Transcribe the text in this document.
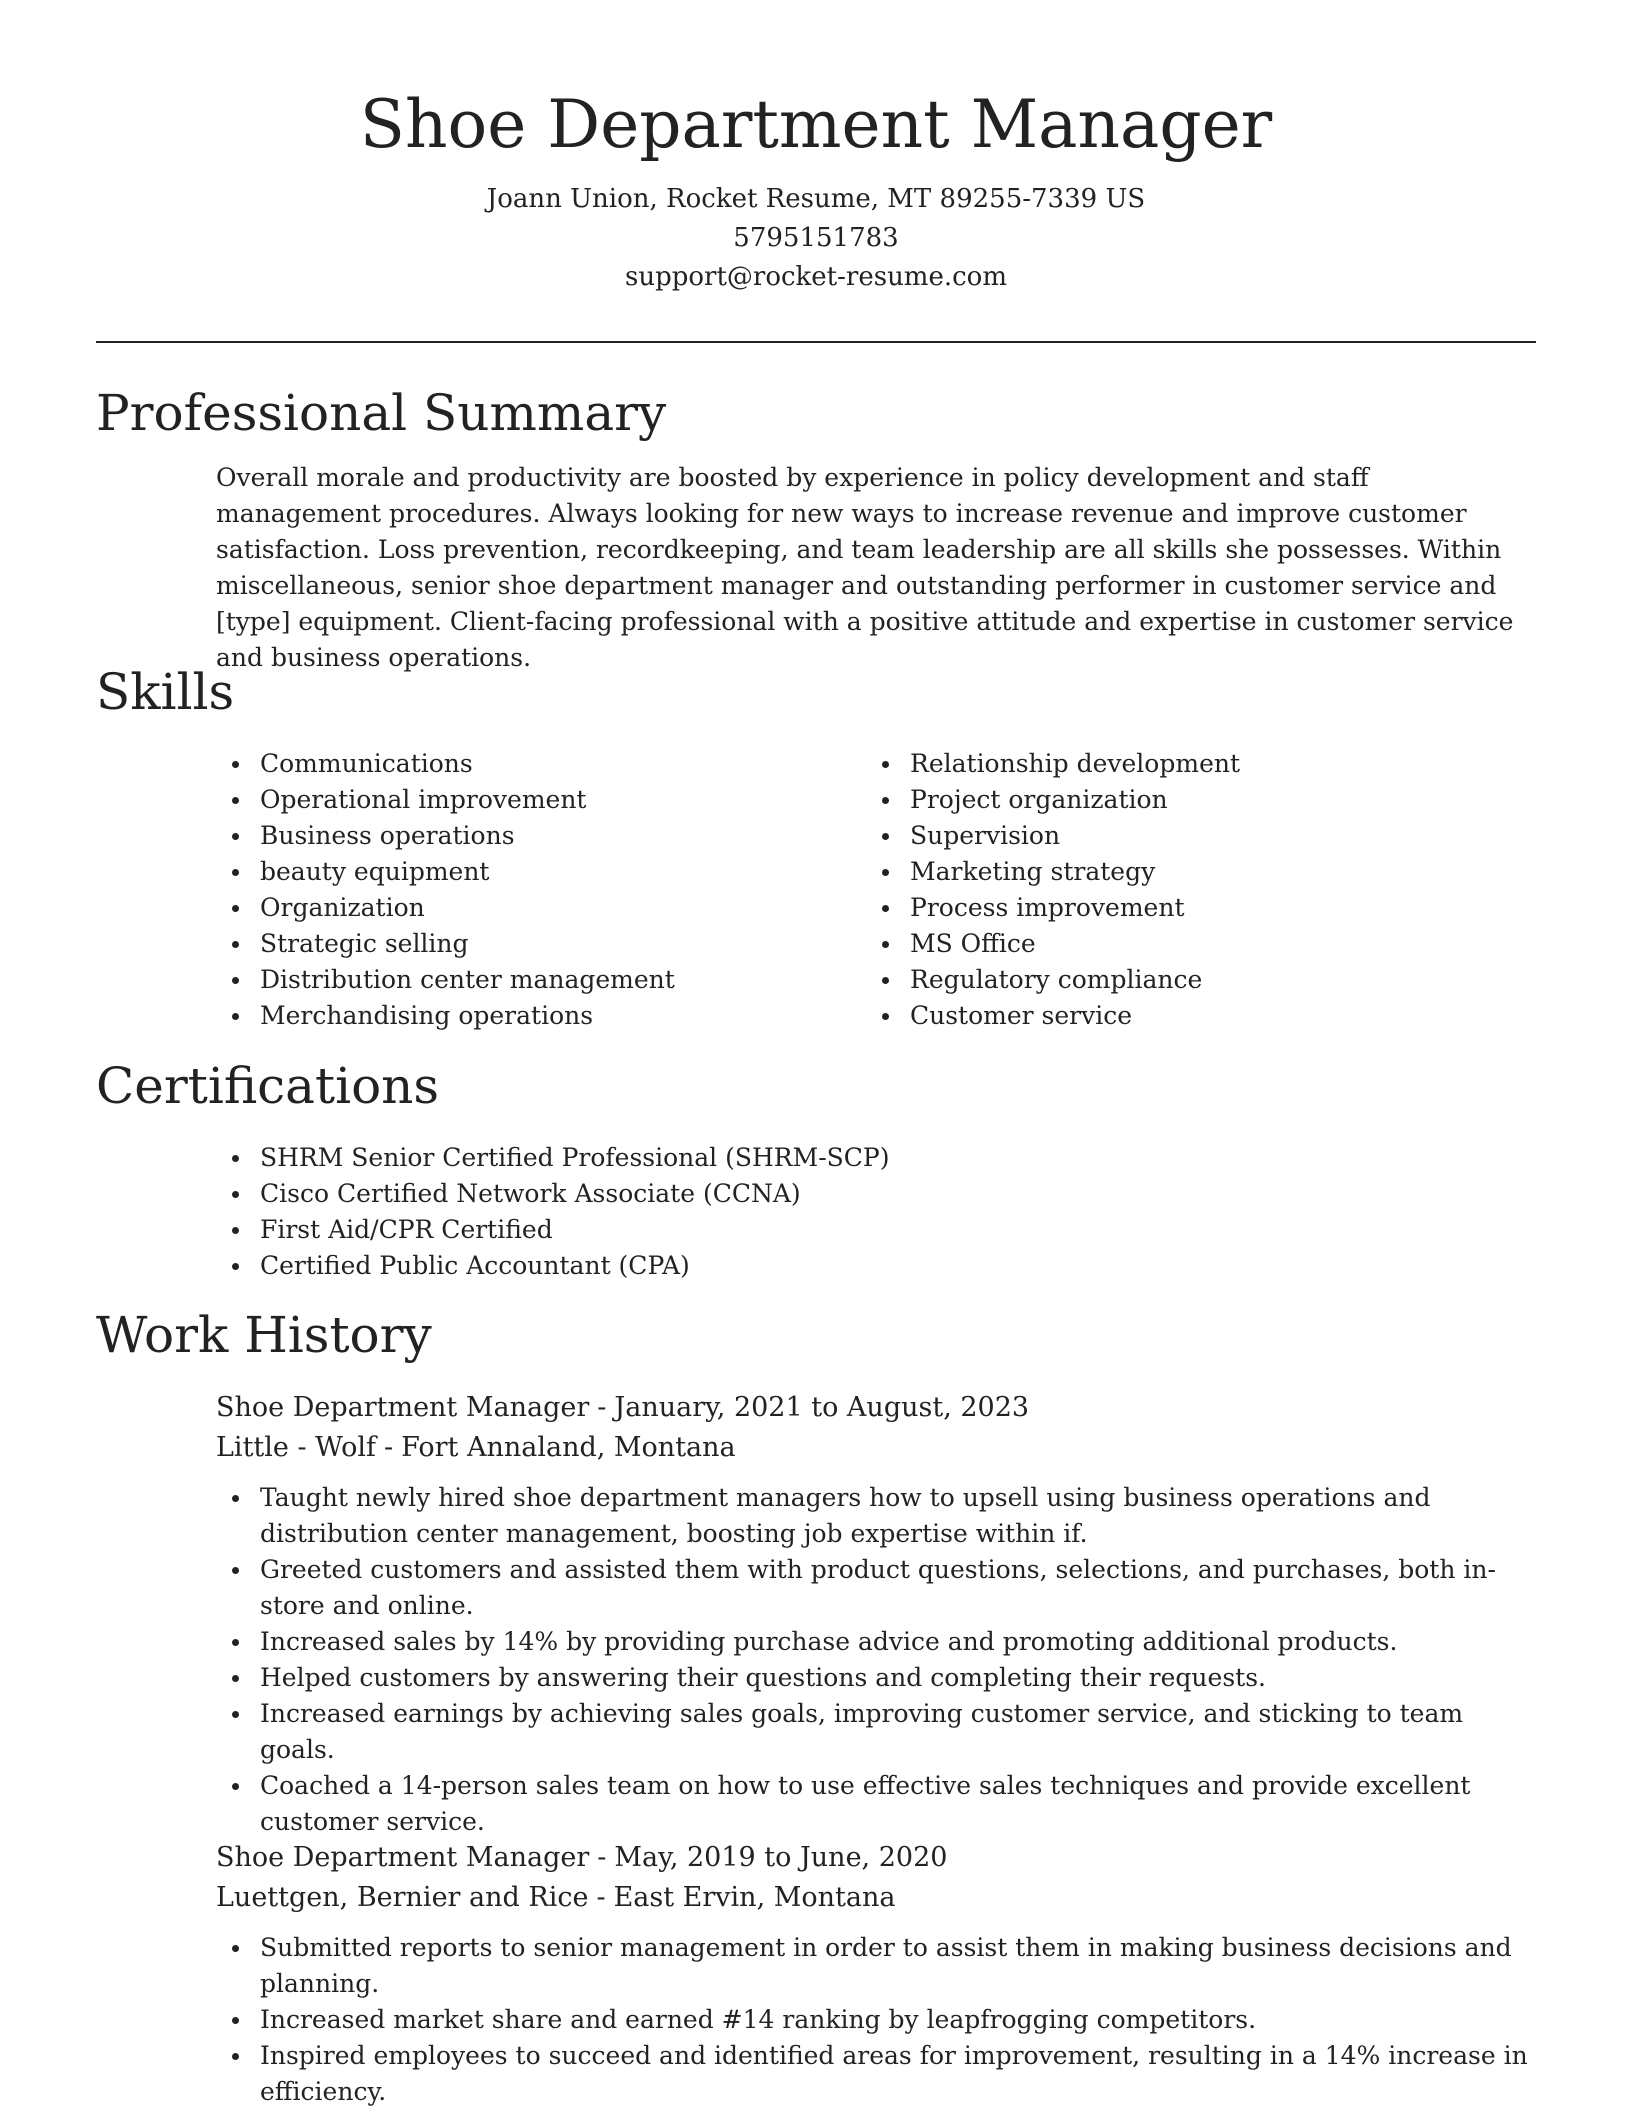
Shoe Department Manager
Joann Union, Rocket Resume, MT 89255-7339 US
5795151783
support@rocket-resume.com
Professional Summary

Overall morale and productivity are boosted by experience in policy development and staff management procedures. Always looking for new ways to increase revenue and improve customer satisfaction. Loss prevention, recordkeeping, and team leadership are all skills she possesses. Within miscellaneous, senior shoe department manager and outstanding performer in customer service and [type] equipment. Client-facing professional with a positive attitude and expertise in customer service and business operations.

Skills
Communications
Operational improvement
Business operations
beauty equipment
Organization
Strategic selling
Distribution center management
Merchandising operations
Relationship development
Project organization
Supervision
Marketing strategy
Process improvement
MS Office
Regulatory compliance
Customer service
Certifications
SHRM Senior Certified Professional (SHRM-SCP)
Cisco Certified Network Associate (CCNA)
First Aid/CPR Certified
Certified Public Accountant (CPA)
Work History

Shoe Department Manager - January, 2021 to August, 2023

Little - Wolf - Fort Annaland, Montana

Taught newly hired shoe department managers how to upsell using business operations and distribution center management, boosting job expertise within if.
Greeted customers and assisted them with product questions, selections, and purchases, both in-store and online.
Increased sales by 14% by providing purchase advice and promoting additional products.
Helped customers by answering their questions and completing their requests.
Increased earnings by achieving sales goals, improving customer service, and sticking to team goals.
Coached a 14-person sales team on how to use effective sales techniques and provide excellent customer service.

Shoe Department Manager - May, 2019 to June, 2020

Luettgen, Bernier and Rice - East Ervin, Montana

Submitted reports to senior management in order to assist them in making business decisions and planning.
Increased market share and earned #14 ranking by leapfrogging competitors.
Inspired employees to succeed and identified areas for improvement, resulting in a 14% increase in efficiency.
